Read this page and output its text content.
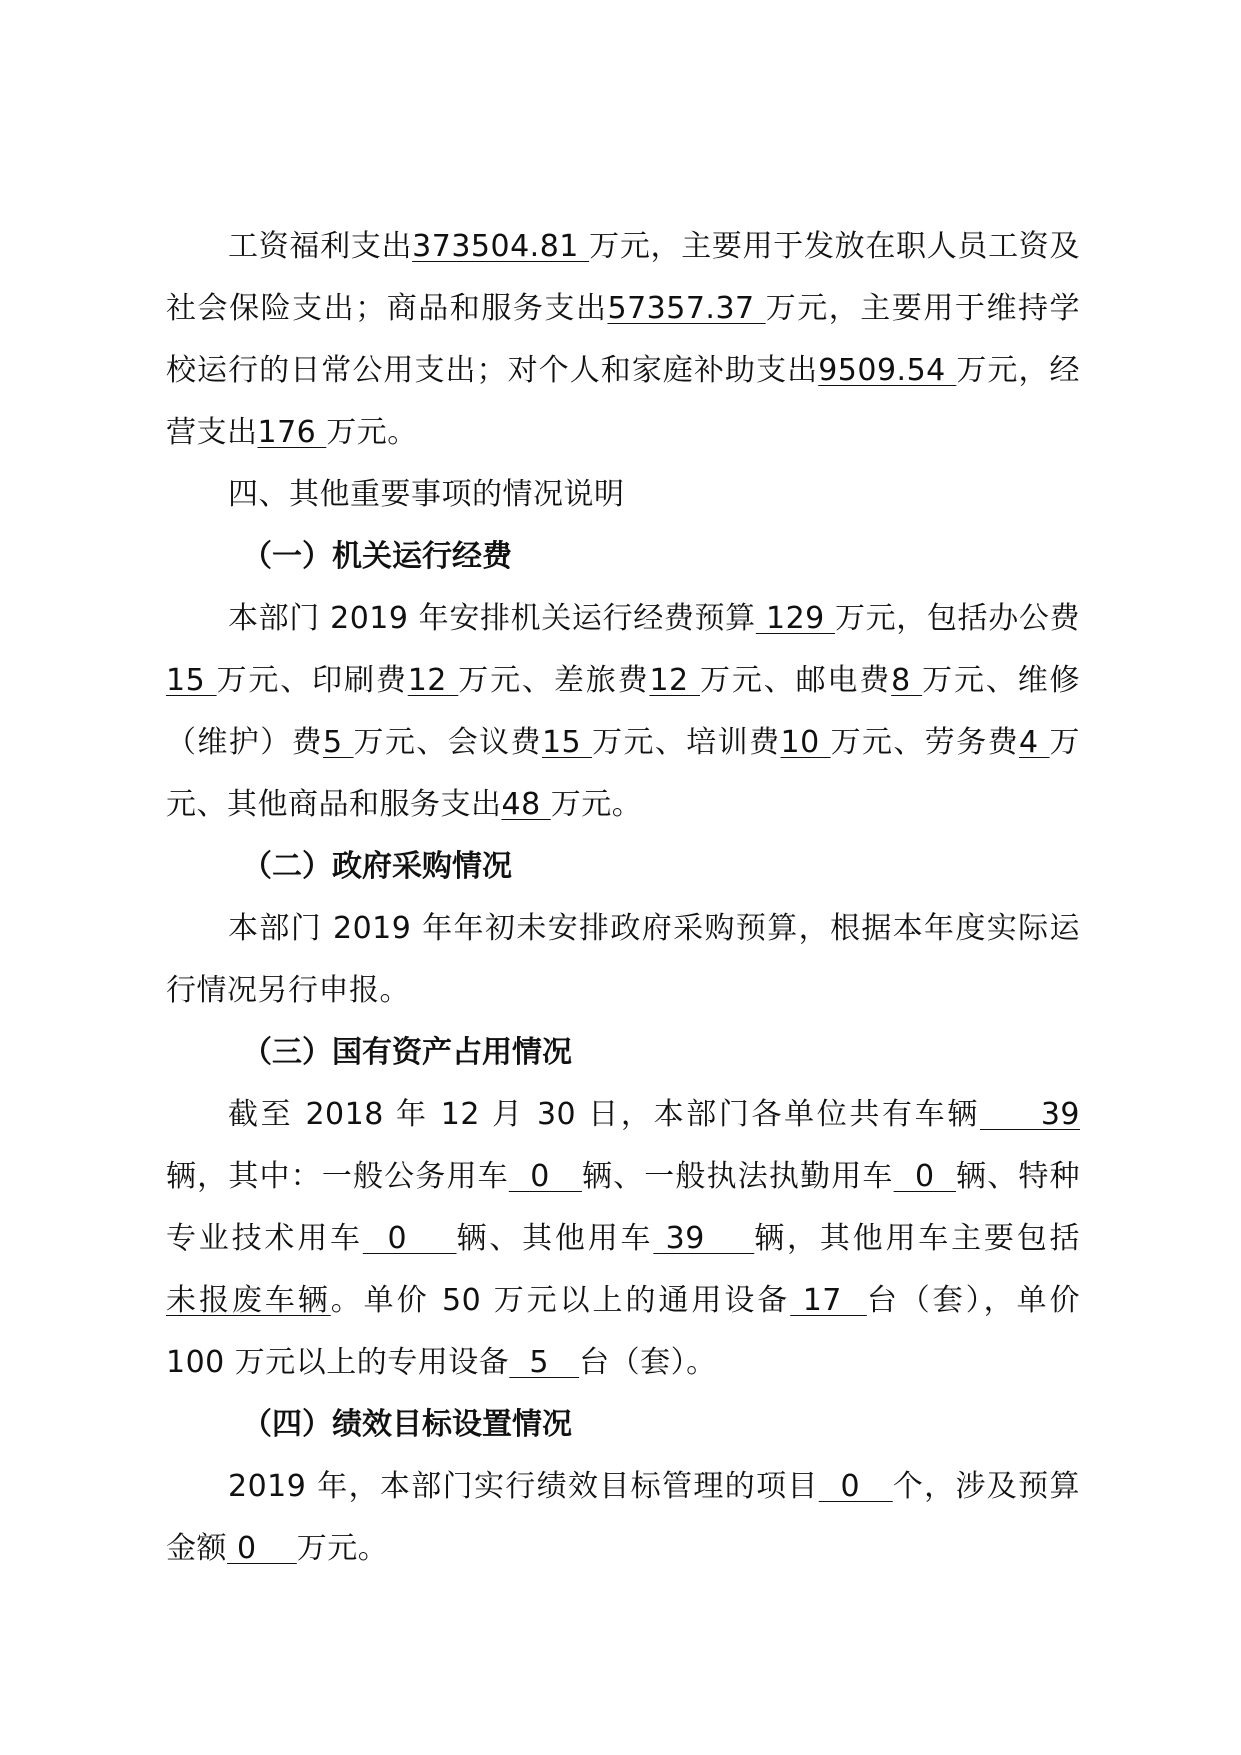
工资福利支出373504.81 万元，主要用于发放在职人员工资及社会保险支出；商品和服务支出57357.37 万元，主要用于维持学校运行的日常公用支出；对个人和家庭补助支出9509.54 万元，经营支出176 万元。

四、其他重要事项的情况说明

（一）机关运行经费

本部门 2019 年安排机关运行经费预算 129 万元，包括办公费15 万元、印刷费12 万元、差旅费12 万元、邮电费8 万元、维修（维护）费5 万元、会议费15 万元、培训费10 万元、劳务费4 万元、其他商品和服务支出48 万元。

（二）政府采购情况

本部门 2019 年年初未安排政府采购预算，根据本年度实际运行情况另行申报。

（三）国有资产占用情况

截至 2018 年 12 月 30 日，本部门各单位共有车辆     39辆，其中：一般公务用车  0   辆、一般执法执勤用车  0  辆、特种专业技术用车  0    辆、其他用车 39    辆，其他用车主要包括未报废车辆。单价 50 万元以上的通用设备 17  台（套），单价 100 万元以上的专用设备  5   台（套）。

（四）绩效目标设置情况

2019 年，本部门实行绩效目标管理的项目  0   个，涉及预算金额 0    万元。
